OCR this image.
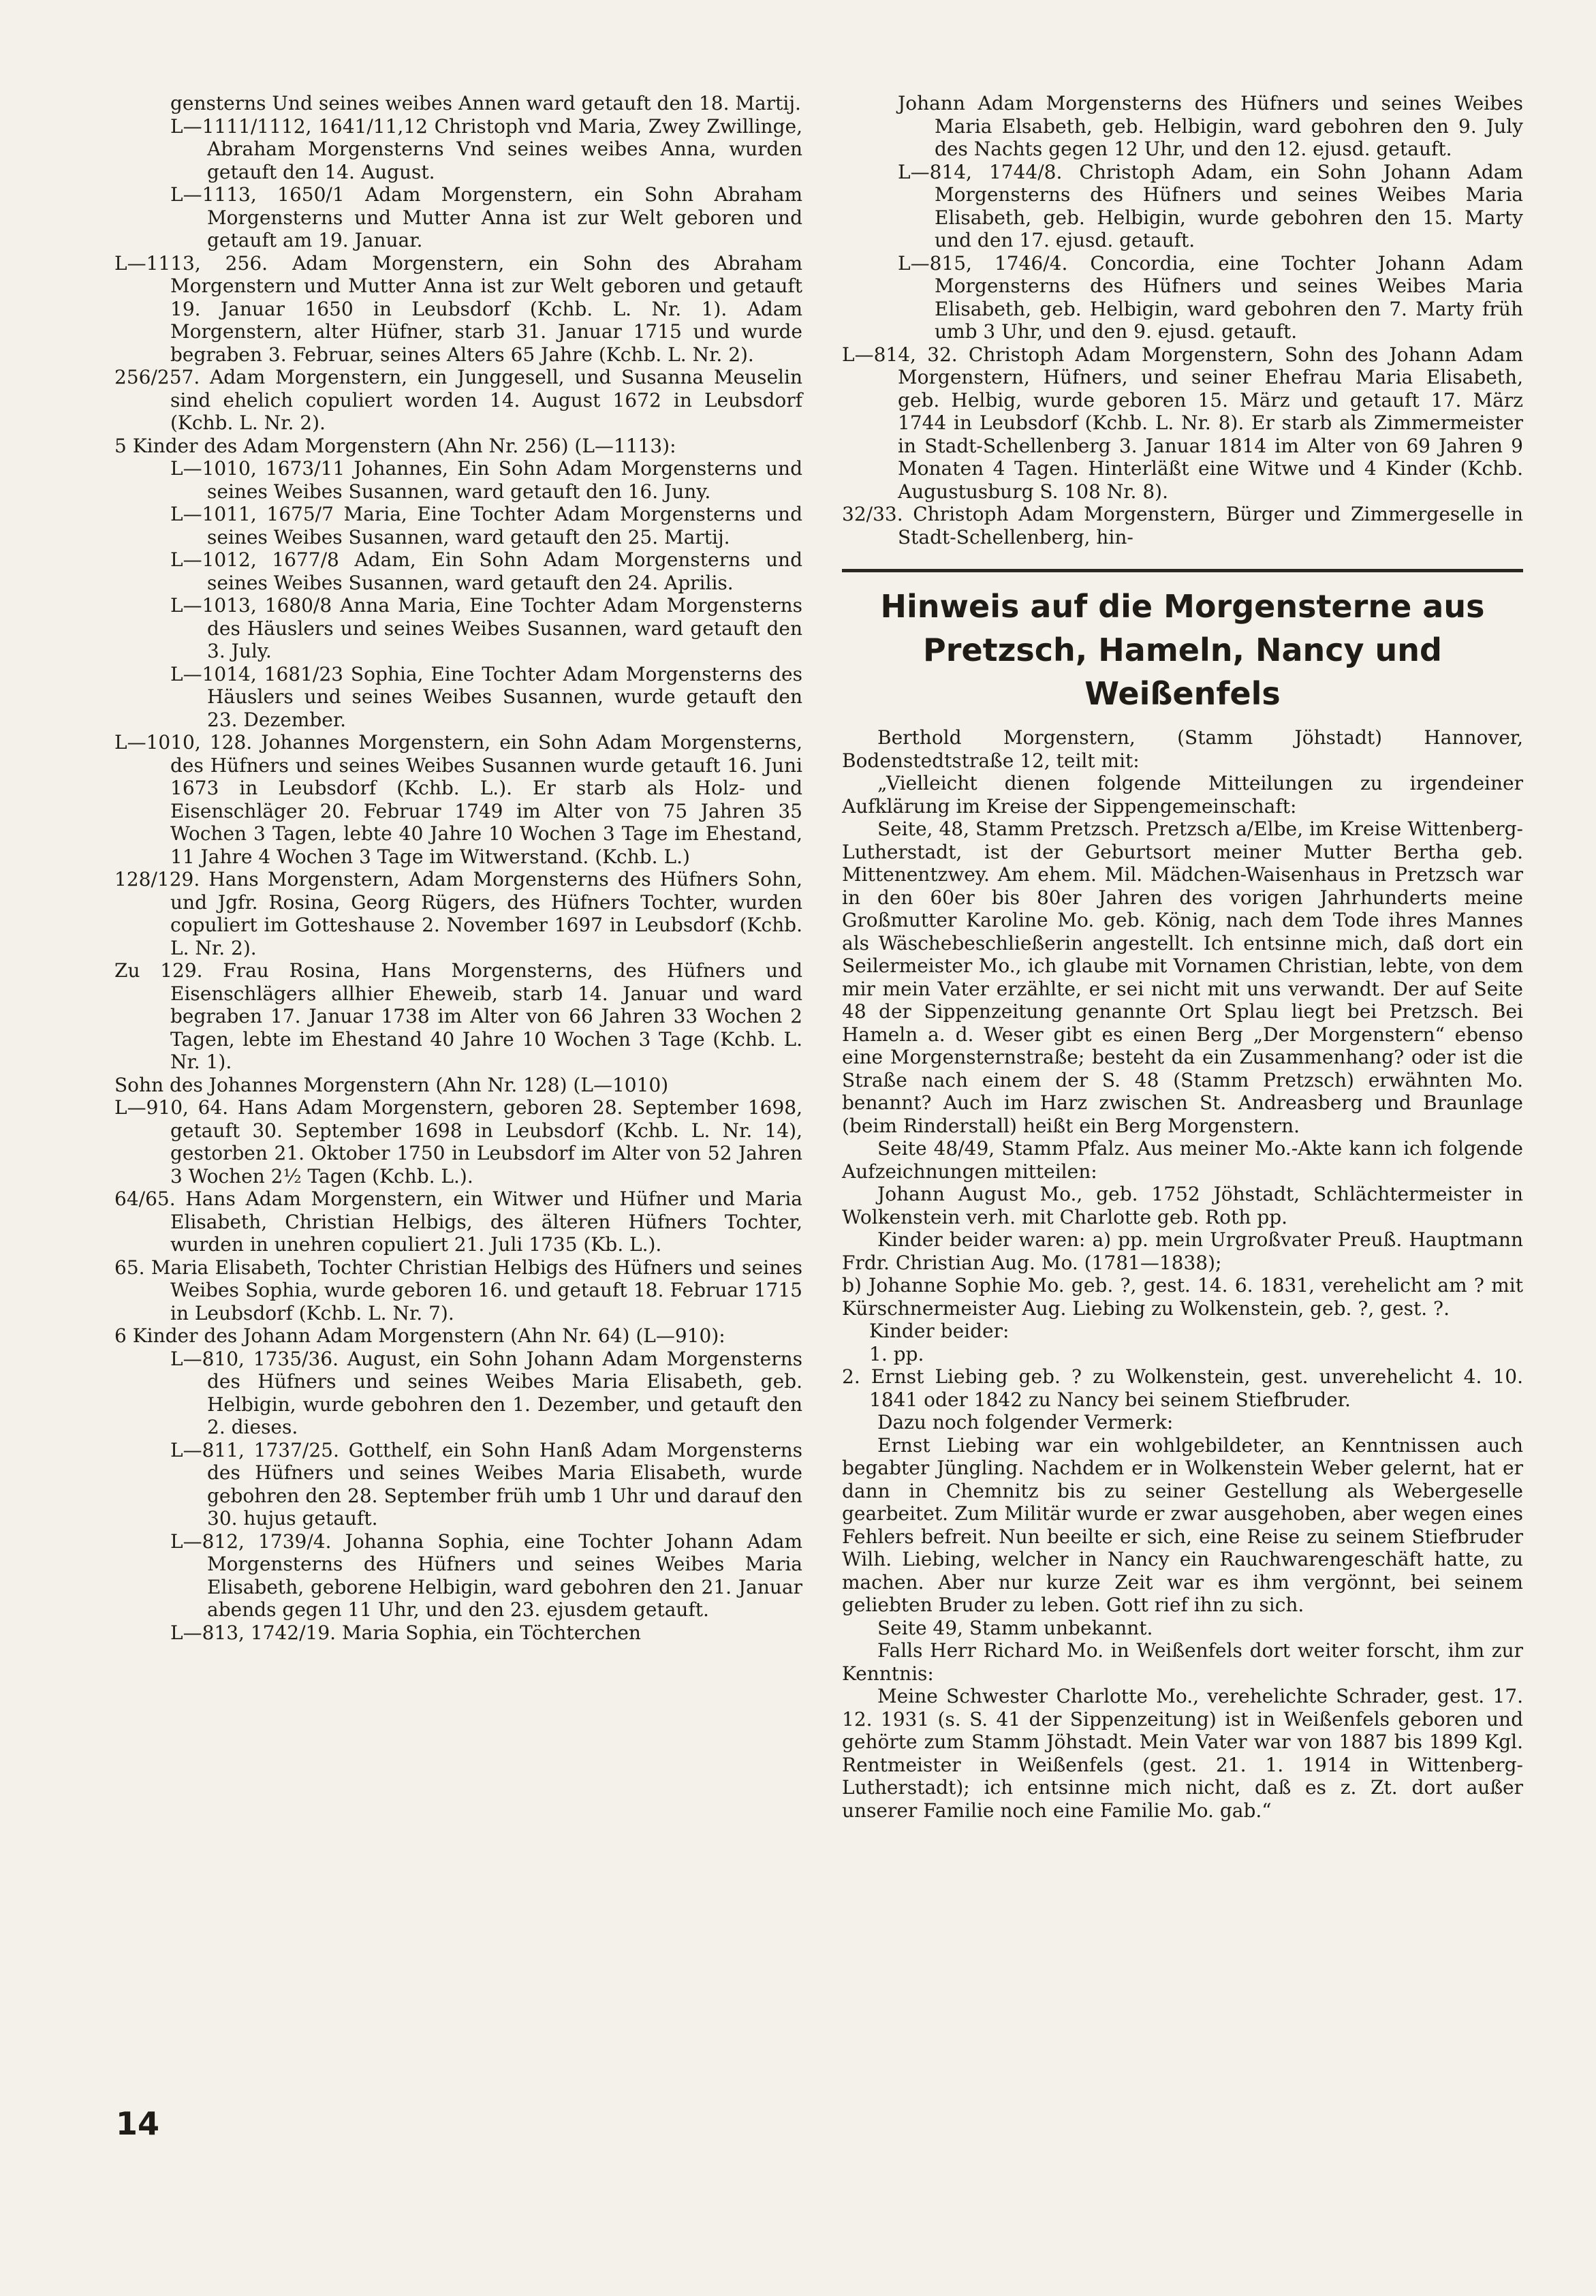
gensterns Und seines weibes Annen ward getauft den 18. Martij.

L—1111/1112, 1641/11,12 Christoph vnd Maria, Zwey Zwillinge, Abraham Morgensterns Vnd seines weibes Anna, wurden getauft den 14. August.

L—1113, 1650/1 Adam Morgenstern, ein Sohn Abraham Morgensterns und Mutter Anna ist zur Welt geboren und getauft am 19. Januar.

L—1113, 256. Adam Morgenstern, ein Sohn des Abraham Morgenstern und Mutter Anna ist zur Welt geboren und getauft 19. Januar 1650 in Leubsdorf (Kchb. L. Nr. 1). Adam Morgenstern, alter Hüfner, starb 31. Januar 1715 und wurde begraben 3. Februar, seines Alters 65 Jahre (Kchb. L. Nr. 2).

256/257. Adam Morgenstern, ein Junggesell, und Susanna Meuselin sind ehelich copuliert worden 14. August 1672 in Leubsdorf (Kchb. L. Nr. 2).

5 Kinder des Adam Morgenstern (Ahn Nr. 256) (L—1113):

L—1010, 1673/11 Johannes, Ein Sohn Adam Morgensterns und seines Weibes Susannen, ward getauft den 16. Juny.

L—1011, 1675/7 Maria, Eine Tochter Adam Morgensterns und seines Weibes Susannen, ward getauft den 25. Martij.

L—1012, 1677/8 Adam, Ein Sohn Adam Morgensterns und seines Weibes Susannen, ward getauft den 24. Aprilis.

L—1013, 1680/8 Anna Maria, Eine Tochter Adam Morgensterns des Häuslers und seines Weibes Susannen, ward getauft den 3. July.

L—1014, 1681/23 Sophia, Eine Tochter Adam Morgensterns des Häuslers und seines Weibes Susannen, wurde getauft den 23. Dezember.

L—1010, 128. Johannes Morgenstern, ein Sohn Adam Morgensterns, des Hüfners und seines Weibes Susannen wurde getauft 16. Juni 1673 in Leubsdorf (Kchb. L.). Er starb als Holz- und Eisenschläger 20. Februar 1749 im Alter von 75 Jahren 35 Wochen 3 Tagen, lebte 40 Jahre 10 Wochen 3 Tage im Ehestand, 11 Jahre 4 Wochen 3 Tage im Witwerstand. (Kchb. L.)

128/129. Hans Morgenstern, Adam Morgensterns des Hüfners Sohn, und Jgfr. Rosina, Georg Rügers, des Hüfners Tochter, wurden copuliert im Gotteshause 2. November 1697 in Leubsdorf (Kchb. L. Nr. 2).

Zu 129. Frau Rosina, Hans Morgensterns, des Hüfners und Eisenschlägers allhier Eheweib, starb 14. Januar und ward begraben 17. Januar 1738 im Alter von 66 Jahren 33 Wochen 2 Tagen, lebte im Ehestand 40 Jahre 10 Wochen 3 Tage (Kchb. L. Nr. 1).

Sohn des Johannes Morgenstern (Ahn Nr. 128) (L—1010)

L—910, 64. Hans Adam Morgenstern, geboren 28. September 1698, getauft 30. September 1698 in Leubsdorf (Kchb. L. Nr. 14), gestorben 21. Oktober 1750 in Leubsdorf im Alter von 52 Jahren 3 Wochen 2½ Tagen (Kchb. L.).

64/65. Hans Adam Morgenstern, ein Witwer und Hüfner und Maria Elisabeth, Christian Helbigs, des älteren Hüfners Tochter, wurden in unehren copuliert 21. Juli 1735 (Kb. L.).

65. Maria Elisabeth, Tochter Christian Helbigs des Hüfners und seines Weibes Sophia, wurde geboren 16. und getauft 18. Februar 1715 in Leubsdorf (Kchb. L. Nr. 7).

6 Kinder des Johann Adam Morgenstern (Ahn Nr. 64) (L—910):

L—810, 1735/36. August, ein Sohn Johann Adam Morgensterns des Hüfners und seines Weibes Maria Elisabeth, geb. Helbigin, wurde gebohren den 1. Dezember, und getauft den 2. dieses.

L—811, 1737/25. Gotthelf, ein Sohn Hanß Adam Morgensterns des Hüfners und seines Weibes Maria Elisabeth, wurde gebohren den 28. September früh umb 1 Uhr und darauf den 30. hujus getauft.

L—812, 1739/4. Johanna Sophia, eine Tochter Johann Adam Morgensterns des Hüfners und seines Weibes Maria Elisabeth, geborene Helbigin, ward gebohren den 21. Januar abends gegen 11 Uhr, und den 23. ejusdem getauft.

L—813, 1742/19. Maria Sophia, ein Töchterchen

Johann Adam Morgensterns des Hüfners und seines Weibes Maria Elsabeth, geb. Helbigin, ward gebohren den 9. July des Nachts gegen 12 Uhr, und den 12. ejusd. getauft.

L—814, 1744/8. Christoph Adam, ein Sohn Johann Adam Morgensterns des Hüfners und seines Weibes Maria Elisabeth, geb. Helbigin, wurde gebohren den 15. Marty und den 17. ejusd. getauft.

L—815, 1746/4. Concordia, eine Tochter Johann Adam Morgensterns des Hüfners und seines Weibes Maria Elisabeth, geb. Helbigin, ward gebohren den 7. Marty früh umb 3 Uhr, und den 9. ejusd. getauft.

L—814, 32. Christoph Adam Morgenstern, Sohn des Johann Adam Morgenstern, Hüfners, und seiner Ehefrau Maria Elisabeth, geb. Helbig, wurde geboren 15. März und getauft 17. März 1744 in Leubsdorf (Kchb. L. Nr. 8). Er starb als Zimmermeister in Stadt-Schellenberg 3. Januar 1814 im Alter von 69 Jahren 9 Monaten 4 Tagen. Hinterläßt eine Witwe und 4 Kinder (Kchb. Augustusburg S. 108 Nr. 8).

32/33. Christoph Adam Morgenstern, Bürger und Zimmergeselle in Stadt-Schellenberg, hin-

Hinweis auf die Morgensterne aus
Pretzsch, Hameln, Nancy und Weißenfels

Berthold Morgenstern, (Stamm Jöhstadt) Hannover, Bodenstedtstraße 12, teilt mit:

„Vielleicht dienen folgende Mitteilungen zu irgendeiner Aufklärung im Kreise der Sippengemeinschaft:

Seite, 48, Stamm Pretzsch. Pretzsch a/Elbe, im Kreise Wittenberg-Lutherstadt, ist der Geburtsort meiner Mutter Bertha geb. Mittenentzwey. Am ehem. Mil. Mädchen-Waisenhaus in Pretzsch war in den 60er bis 80er Jahren des vorigen Jahrhunderts meine Großmutter Karoline Mo. geb. König, nach dem Tode ihres Mannes als Wäschebeschließerin angestellt. Ich entsinne mich, daß dort ein Seilermeister Mo., ich glaube mit Vornamen Christian, lebte, von dem mir mein Vater erzählte, er sei nicht mit uns verwandt. Der auf Seite 48 der Sippenzeitung genannte Ort Splau liegt bei Pretzsch. Bei Hameln a. d. Weser gibt es einen Berg „Der Morgenstern“ ebenso eine Morgensternstraße; besteht da ein Zusammenhang? oder ist die Straße nach einem der S. 48 (Stamm Pretzsch) erwähnten Mo. benannt? Auch im Harz zwischen St. Andreasberg und Braunlage (beim Rinderstall) heißt ein Berg Morgenstern.

Seite 48/49, Stamm Pfalz. Aus meiner Mo.-Akte kann ich folgende Aufzeichnungen mitteilen:

Johann August Mo., geb. 1752 Jöhstadt, Schlächtermeister in Wolkenstein verh. mit Charlotte geb. Roth pp.

Kinder beider waren: a) pp. mein Urgroßvater Preuß. Hauptmann Frdr. Christian Aug. Mo. (1781—1838);

b) Johanne Sophie Mo. geb. ?, gest. 14. 6. 1831, verehelicht am ? mit Kürschnermeister Aug. Liebing zu Wolkenstein, geb. ?, gest. ?.

Kinder beider:

1. pp.

2. Ernst Liebing geb. ? zu Wolkenstein, gest. unverehelicht 4. 10. 1841 oder 1842 zu Nancy bei seinem Stiefbruder.

Dazu noch folgender Vermerk:

Ernst Liebing war ein wohlgebildeter, an Kenntnissen auch begabter Jüngling. Nachdem er in Wolkenstein Weber gelernt, hat er dann in Chemnitz bis zu seiner Gestellung als Webergeselle gearbeitet. Zum Militär wurde er zwar ausgehoben, aber wegen eines Fehlers befreit. Nun beeilte er sich, eine Reise zu seinem Stiefbruder Wilh. Liebing, welcher in Nancy ein Rauchwarengeschäft hatte, zu machen. Aber nur kurze Zeit war es ihm vergönnt, bei seinem geliebten Bruder zu leben. Gott rief ihn zu sich.

Seite 49, Stamm unbekannt.

Falls Herr Richard Mo. in Weißenfels dort weiter forscht, ihm zur Kenntnis:

Meine Schwester Charlotte Mo., verehelichte Schrader, gest. 17. 12. 1931 (s. S. 41 der Sippenzeitung) ist in Weißenfels geboren und gehörte zum Stamm Jöhstadt. Mein Vater war von 1887 bis 1899 Kgl. Rentmeister in Weißenfels (gest. 21. 1. 1914 in Wittenberg-Lutherstadt); ich entsinne mich nicht, daß es z. Zt. dort außer unserer Familie noch eine Familie Mo. gab.“

14
